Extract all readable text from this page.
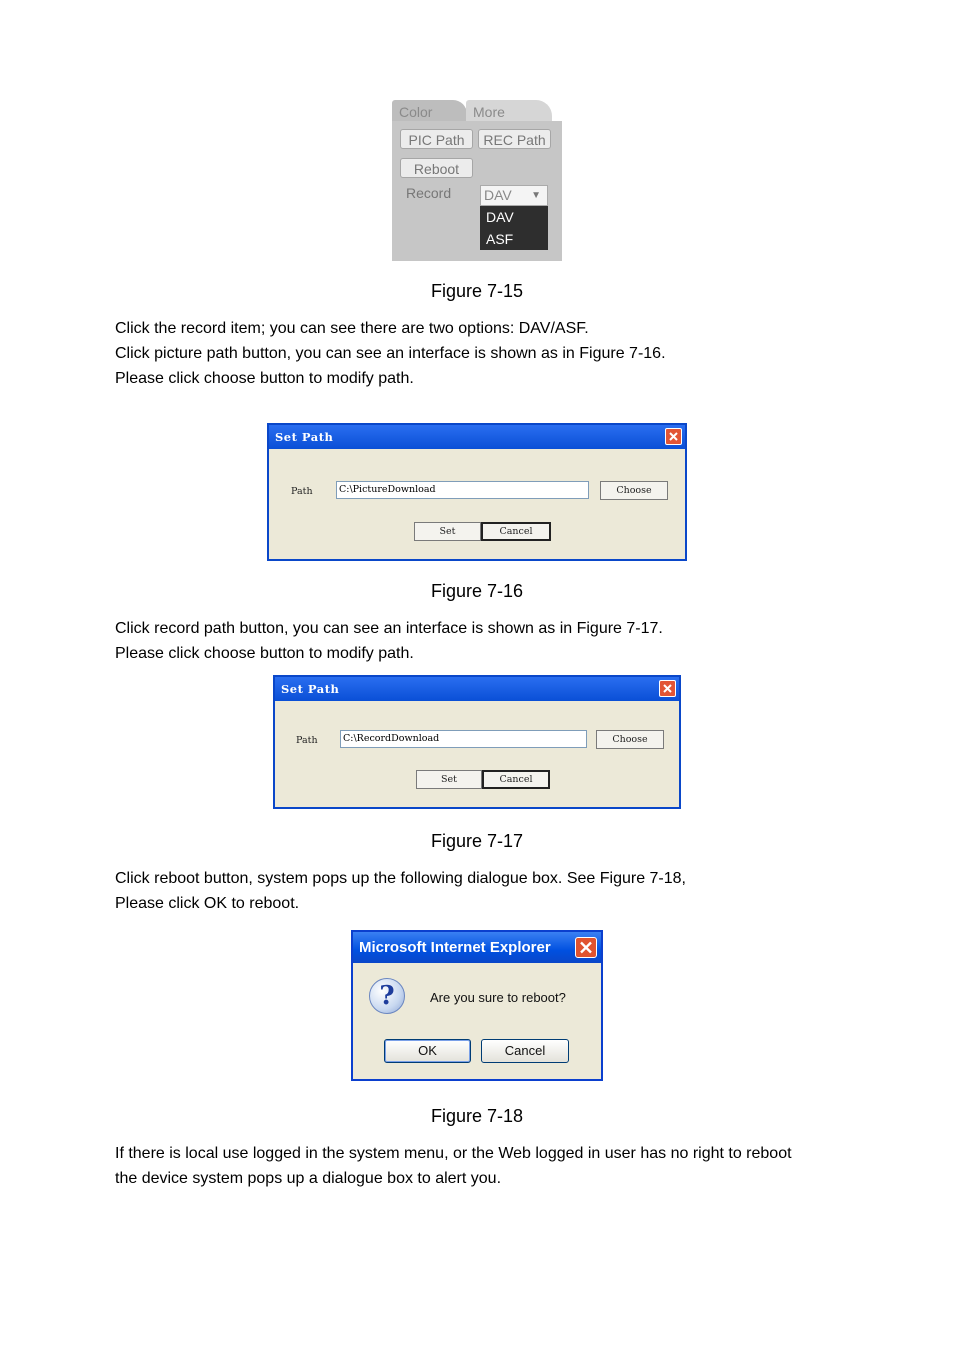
Color	More
PIC Path	REC Path
Reboot
Record DAV ▼
DAV
ASF
Figure 7-15
Click the record item; you can see there are two options: DAV/ASF.
Click picture path button, you can see an interface is shown as in Figure 7-16.
Please click choose button to modify path.
Set Path
Path	C:\PictureDownload	Choose
Set	Cancel
Figure 7-16
Click record path button, you can see an interface is shown as in Figure 7-17.
Please click choose button to modify path.
Set Path
Path	C:\RecordDownload	Choose
Set	Cancel
Figure 7-17
Click reboot button, system pops up the following dialogue box. See Figure 7-18,
Please click OK to reboot.
Microsoft Internet Explorer
?	Are you sure to reboot?
OK	Cancel
Figure 7-18
If there is local use logged in the system menu, or the Web logged in user has no right to reboot
the device system pops up a dialogue box to alert you.
